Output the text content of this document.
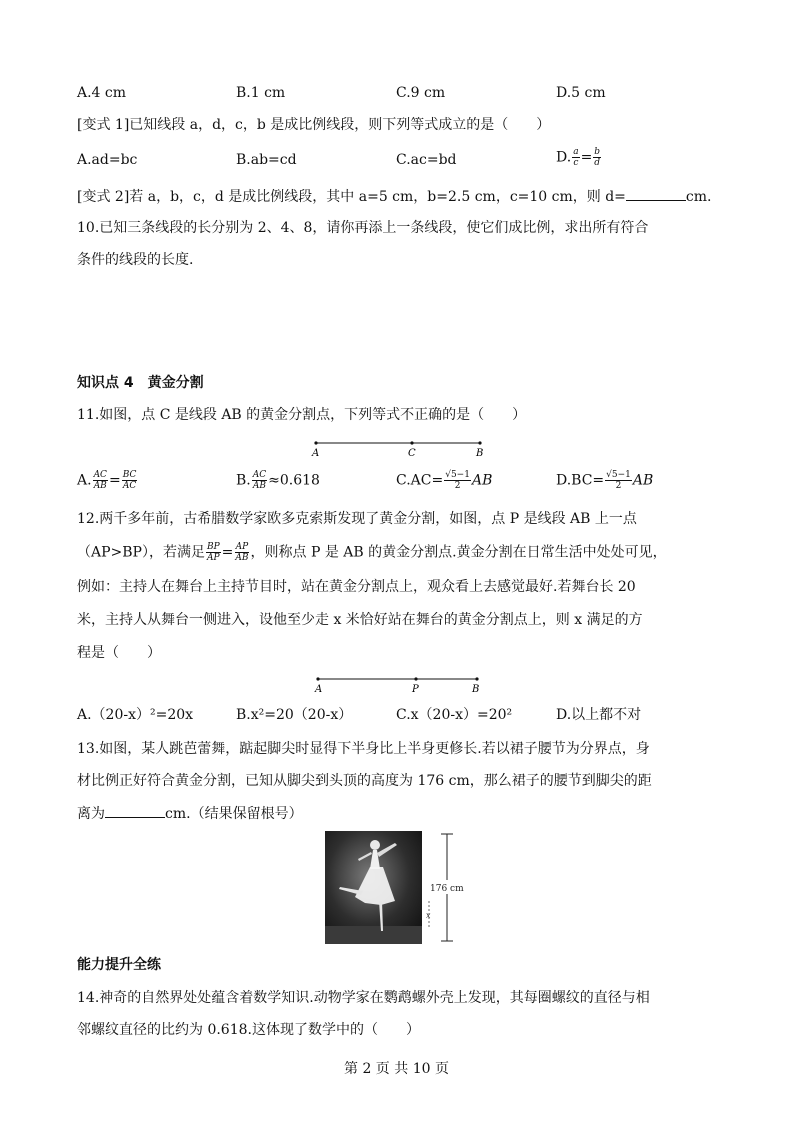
A.4 cm	B.1 cm	C.9 cm	D.5 cm
[变式 1]已知线段 a，d，c，b 是成比例线段，则下列等式成立的是（　　）
A.ad=bc	B.ab=cd	C.ac=bd	D. $\frac{a}{c} = \frac{b}{d}$
[变式 2]若 a，b，c，d 是成比例线段，其中 a=5 cm，b=2.5 cm，c=10 cm，则 d=	cm.
10.已知三条线段的长分别为 2、4、8，请你再添上一条线段，使它们成比例，求出所有符合
条件的线段的长度.
知识点 4　黄金分割
11.如图，点 C 是线段 AB 的黄金分割点，下列等式不正确的是（　　）
A	C	B
A. $\frac{AC}{AB} = \frac{BC}{AC}$	B. $\frac{AC}{AB} \approx 0.618$	$C.AC= \frac{√5-1}{2}$ AB	$D.BC= \frac{√5-1}{2}$ AB
12.两千多年前，古希腊数学家欧多克索斯发现了黄金分割，如图，点 P 是线段 AB 上一点
（AP>BP），若满足 $\frac{BP}{AP} = \frac{AP}{AB}$ ，则称点 P 是 AB 的黄金分割点.黄金分割在日常生活中处处可见，
例如：主持人在舞台上主持节目时，站在黄金分割点上，观众看上去感觉最好.若舞台长 20
米，主持人从舞台一侧进入，设他至少走 x 米恰好站在舞台的黄金分割点上，则 x 满足的方
程是（　　）
A	P	B
A.（20-x）²=20x	B.x²=20（20-x）	C.x（20-x）=20²	D.以上都不对
13.如图，某人跳芭蕾舞，踮起脚尖时显得下半身比上半身更修长.若以裙子腰节为分界点，身
材比例正好符合黄金分割，已知从脚尖到头顶的高度为 176 cm，那么裙子的腰节到脚尖的距
离为	cm.（结果保留根号）
176 cm
x
能力提升全练
14.神奇的自然界处处蕴含着数学知识.动物学家在鹦鹉螺外壳上发现，其每圈螺纹的直径与相
邻螺纹直径的比约为 0.618.这体现了数学中的（　　）
第 2 页 共 10 页
